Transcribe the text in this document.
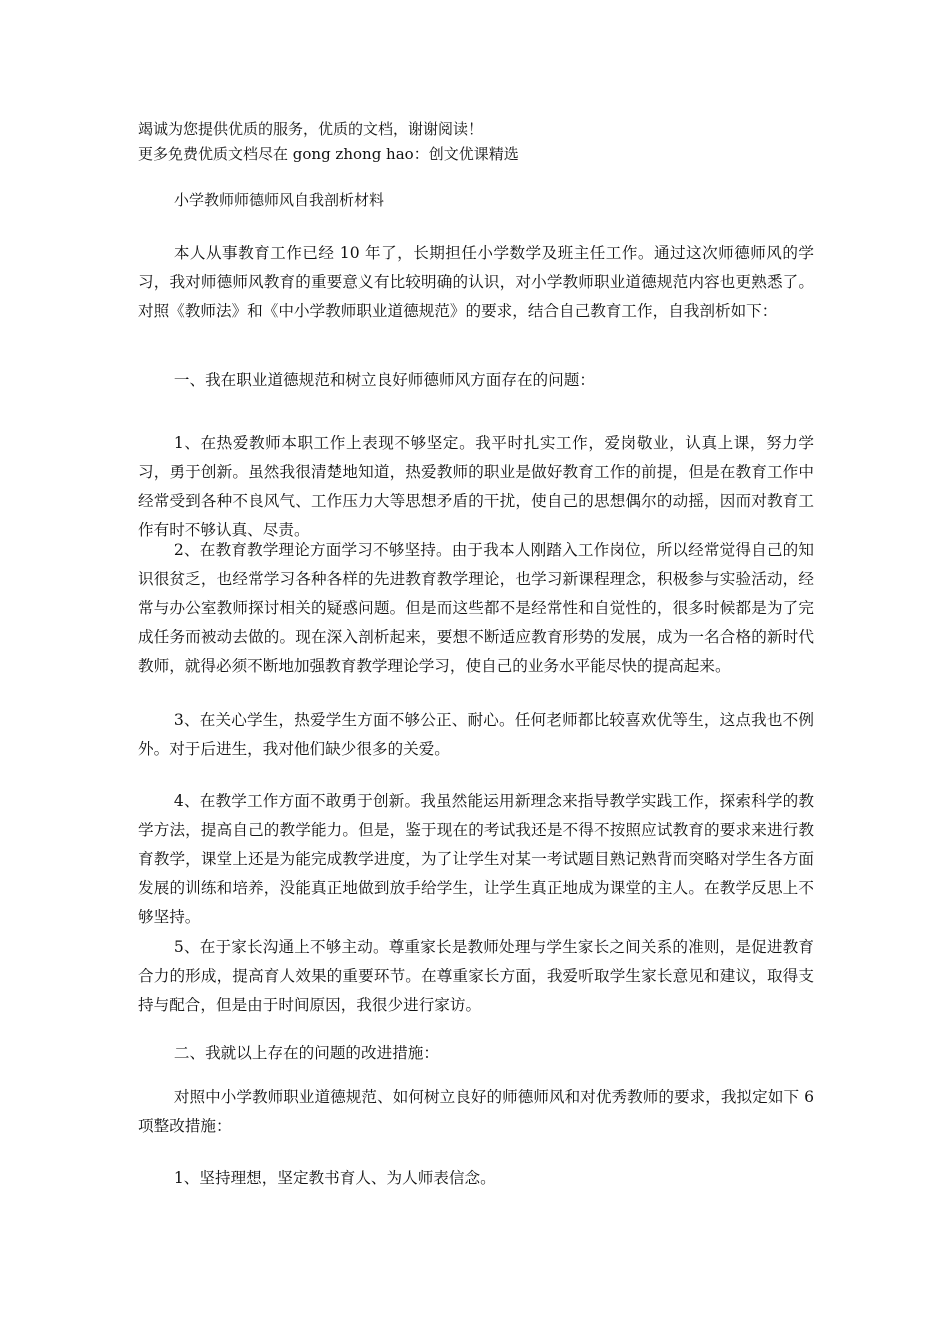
竭诚为您提供优质的服务，优质的文档，谢谢阅读！
更多免费优质文档尽在 gong zhong hao：创文优课精选
小学教师师德师风自我剖析材料

本人从事教育工作已经 10 年了，长期担任小学数学及班主任工作。通过这次师德师风的学习，我对师德师风教育的重要意义有比较明确的认识，对小学教师职业道德规范内容也更熟悉了。对照《教师法》和《中小学教师职业道德规范》的要求，结合自己教育工作，自我剖析如下：

一、我在职业道德规范和树立良好师德师风方面存在的问题：

1、在热爱教师本职工作上表现不够坚定。我平时扎实工作，爱岗敬业，认真上课，努力学习，勇于创新。虽然我很清楚地知道，热爱教师的职业是做好教育工作的前提，但是在教育工作中经常受到各种不良风气、工作压力大等思想矛盾的干扰，使自己的思想偶尔的动摇，因而对教育工作有时不够认真、尽责。

2、在教育教学理论方面学习不够坚持。由于我本人刚踏入工作岗位，所以经常觉得自己的知识很贫乏，也经常学习各种各样的先进教育教学理论，也学习新课程理念，积极参与实验活动，经常与办公室教师探讨相关的疑惑问题。但是而这些都不是经常性和自觉性的，很多时候都是为了完成任务而被动去做的。现在深入剖析起来，要想不断适应教育形势的发展，成为一名合格的新时代教师，就得必须不断地加强教育教学理论学习，使自己的业务水平能尽快的提高起来。

3、在关心学生，热爱学生方面不够公正、耐心。任何老师都比较喜欢优等生，这点我也不例外。对于后进生，我对他们缺少很多的关爱。

4、在教学工作方面不敢勇于创新。我虽然能运用新理念来指导教学实践工作，探索科学的教学方法，提高自己的教学能力。但是，鉴于现在的考试我还是不得不按照应试教育的要求来进行教育教学，课堂上还是为能完成教学进度，为了让学生对某一考试题目熟记熟背而突略对学生各方面发展的训练和培养，没能真正地做到放手给学生，让学生真正地成为课堂的主人。在教学反思上不够坚持。

5、在于家长沟通上不够主动。尊重家长是教师处理与学生家长之间关系的准则，是促进教育合力的形成，提高育人效果的重要环节。在尊重家长方面，我爱听取学生家长意见和建议，取得支持与配合，但是由于时间原因，我很少进行家访。

二、我就以上存在的问题的改进措施：

对照中小学教师职业道德规范、如何树立良好的师德师风和对优秀教师的要求，我拟定如下 6 项整改措施：

1、坚持理想，坚定教书育人、为人师表信念。
